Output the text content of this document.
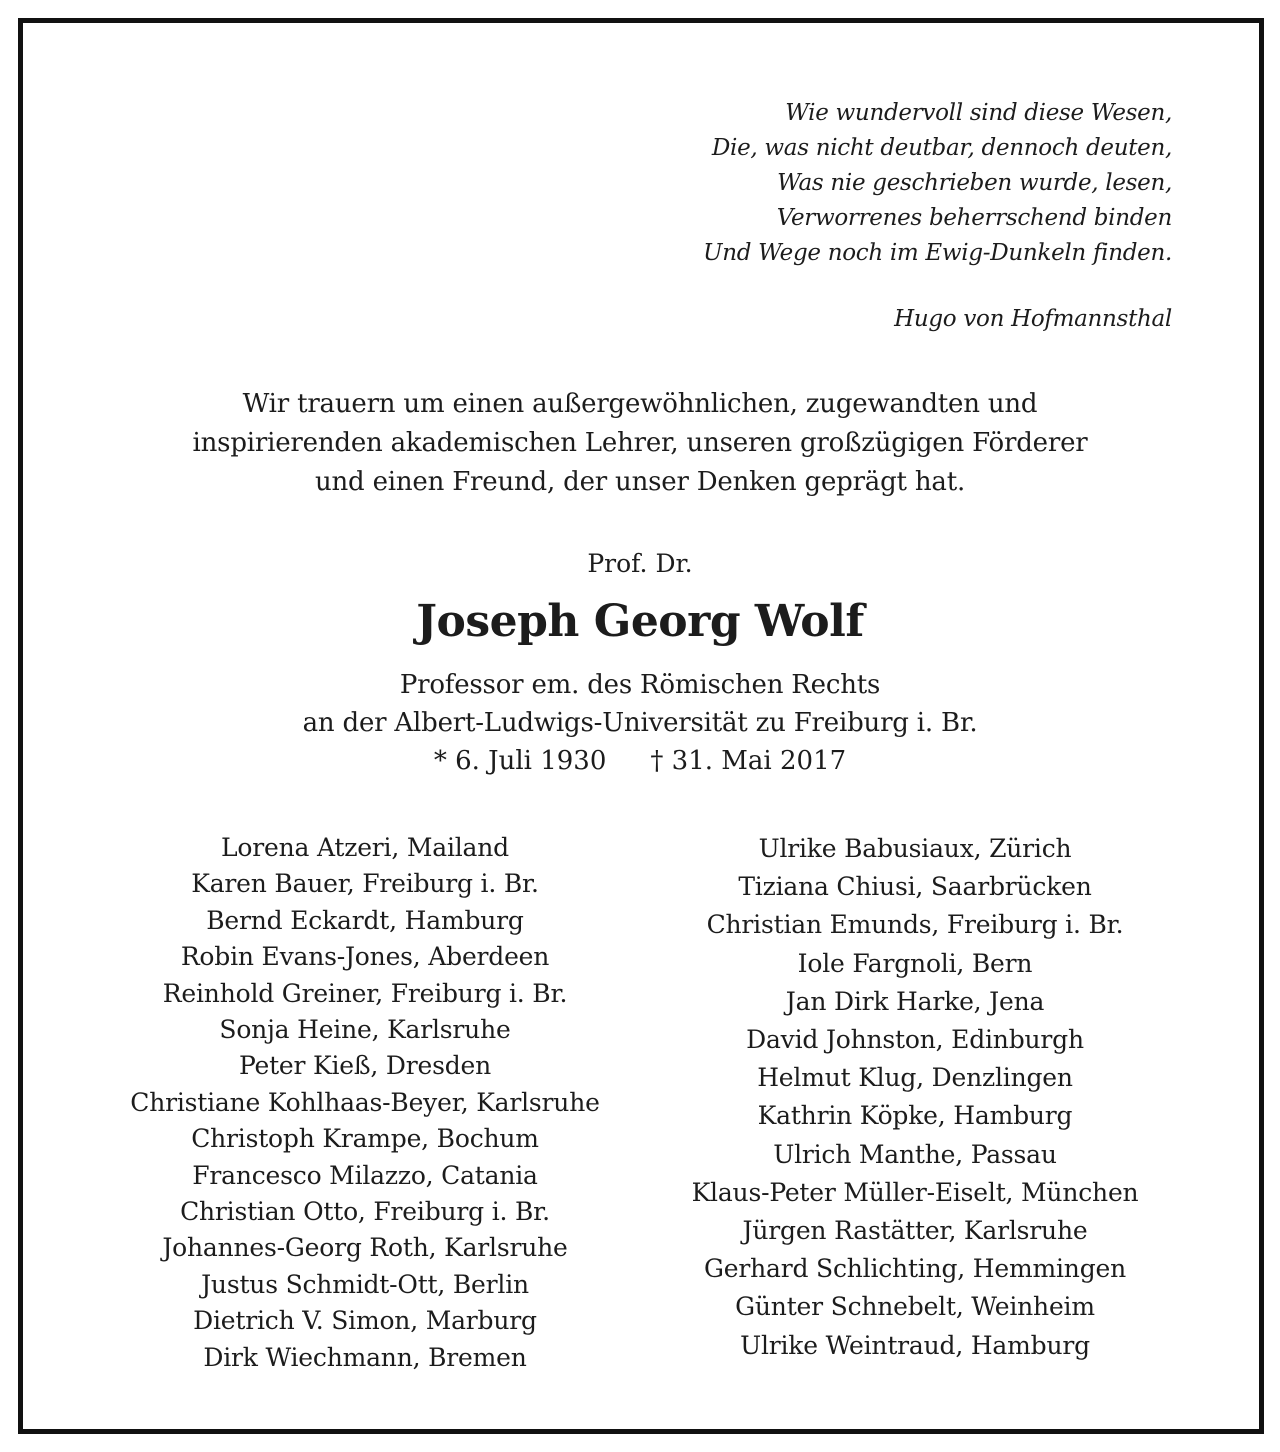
Wie wundervoll sind diese Wesen,
Die, was nicht deutbar, dennoch deuten,
Was nie geschrieben wurde, lesen,
Verworrenes beherrschend binden
Und Wege noch im Ewig-Dunkeln finden.
Hugo von Hofmannsthal
Wir trauern um einen außergewöhnlichen, zugewandten und
inspirierenden akademischen Lehrer, unseren großzügigen Förderer
und einen Freund, der unser Denken geprägt hat.
Prof. Dr.
Joseph Georg Wolf
Professor em. des Römischen Rechts
an der Albert-Ludwigs-Universität zu Freiburg i. Br.
* 6. Juli 1930 † 31. Mai 2017
Lorena Atzeri, Mailand
Karen Bauer, Freiburg i. Br.
Bernd Eckardt, Hamburg
Robin Evans-Jones, Aberdeen
Reinhold Greiner, Freiburg i. Br.
Sonja Heine, Karlsruhe
Peter Kieß, Dresden
Christiane Kohlhaas-Beyer, Karlsruhe
Christoph Krampe, Bochum
Francesco Milazzo, Catania
Christian Otto, Freiburg i. Br.
Johannes-Georg Roth, Karlsruhe
Justus Schmidt-Ott, Berlin
Dietrich V. Simon, Marburg
Dirk Wiechmann, Bremen
Ulrike Babusiaux, Zürich
Tiziana Chiusi, Saarbrücken
Christian Emunds, Freiburg i. Br.
Iole Fargnoli, Bern
Jan Dirk Harke, Jena
David Johnston, Edinburgh
Helmut Klug, Denzlingen
Kathrin Köpke, Hamburg
Ulrich Manthe, Passau
Klaus-Peter Müller-Eiselt, München
Jürgen Rastätter, Karlsruhe
Gerhard Schlichting, Hemmingen
Günter Schnebelt, Weinheim
Ulrike Weintraud, Hamburg
